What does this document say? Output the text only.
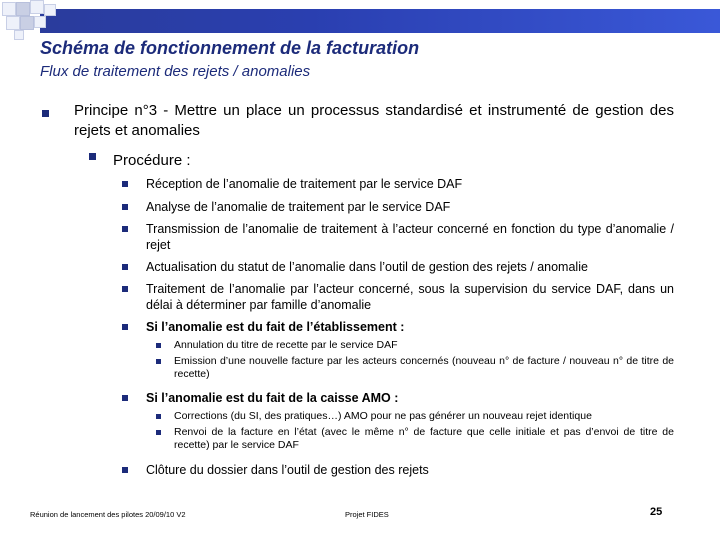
Schéma de fonctionnement de la facturation
Flux de traitement des rejets / anomalies
Principe n°3 - Mettre un place un processus standardisé et instrumenté de gestion des rejets et anomalies
Procédure :
Réception de l’anomalie de traitement par le service DAF
Analyse de l’anomalie de traitement par le service DAF
Transmission de l’anomalie de traitement à l’acteur concerné en fonction du type d’anomalie / rejet
Actualisation du statut de l’anomalie dans l’outil de gestion des rejets / anomalie
Traitement de l’anomalie par l’acteur concerné, sous la supervision du service DAF, dans un délai à déterminer par famille d’anomalie
Si l’anomalie est du fait de l’établissement :
Annulation du titre de recette par le service DAF
Emission d’une nouvelle facture par les acteurs concernés (nouveau n° de facture / nouveau n° de titre de recette)
Si l’anomalie est du fait de la caisse AMO :
Corrections (du SI, des pratiques…) AMO pour ne pas générer un nouveau rejet identique
Renvoi de la facture en l’état (avec le même n° de facture que celle initiale et pas d’envoi de titre de recette) par le service DAF
Clôture du dossier dans l’outil de gestion des rejets
Réunion de lancement des pilotes 20/09/10 V2	Projet FIDES	25
